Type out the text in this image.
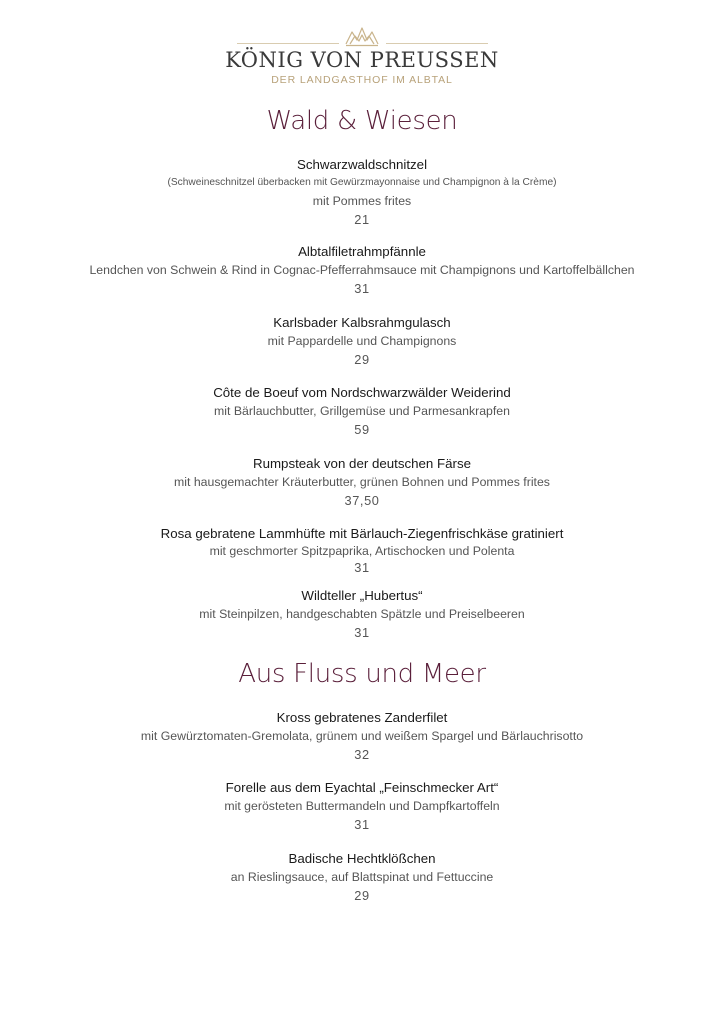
KÖNIG VON PREUSSEN
DER LANDGASTHOF IM ALBTAL
Wald & Wiesen
Schwarzwaldschnitzel
(Schweineschnitzel überbacken mit Gewürzmayonnaise und Champignon à la Crème)
mit Pommes frites
21
Albtalfiletrahmpfännle
Lendchen von Schwein & Rind in Cognac-Pfefferrahmsauce mit Champignons und Kartoffelbällchen
31
Karlsbader Kalbsrahmgulasch
mit Pappardelle und Champignons
29
Côte de Boeuf vom Nordschwarzwälder Weiderind
mit Bärlauchbutter, Grillgemüse und Parmesankrapfen
59
Rumpsteak von der deutschen Färse
mit hausgemachter Kräuterbutter, grünen Bohnen und Pommes frites
37,50
Rosa gebratene Lammhüfte mit Bärlauch-Ziegenfrischkäse gratiniert
mit geschmorter Spitzpaprika, Artischocken und Polenta
31
Wildteller „Hubertus“
mit Steinpilzen, handgeschabten Spätzle und Preiselbeeren
31
Aus Fluss und Meer
Kross gebratenes Zanderfilet
mit Gewürztomaten-Gremolata, grünem und weißem Spargel und Bärlauchrisotto
32
Forelle aus dem Eyachtal „Feinschmecker Art“
mit gerösteten Buttermandeln und Dampfkartoffeln
31
Badische Hechtklößchen
an Rieslingsauce, auf Blattspinat und Fettuccine
29
